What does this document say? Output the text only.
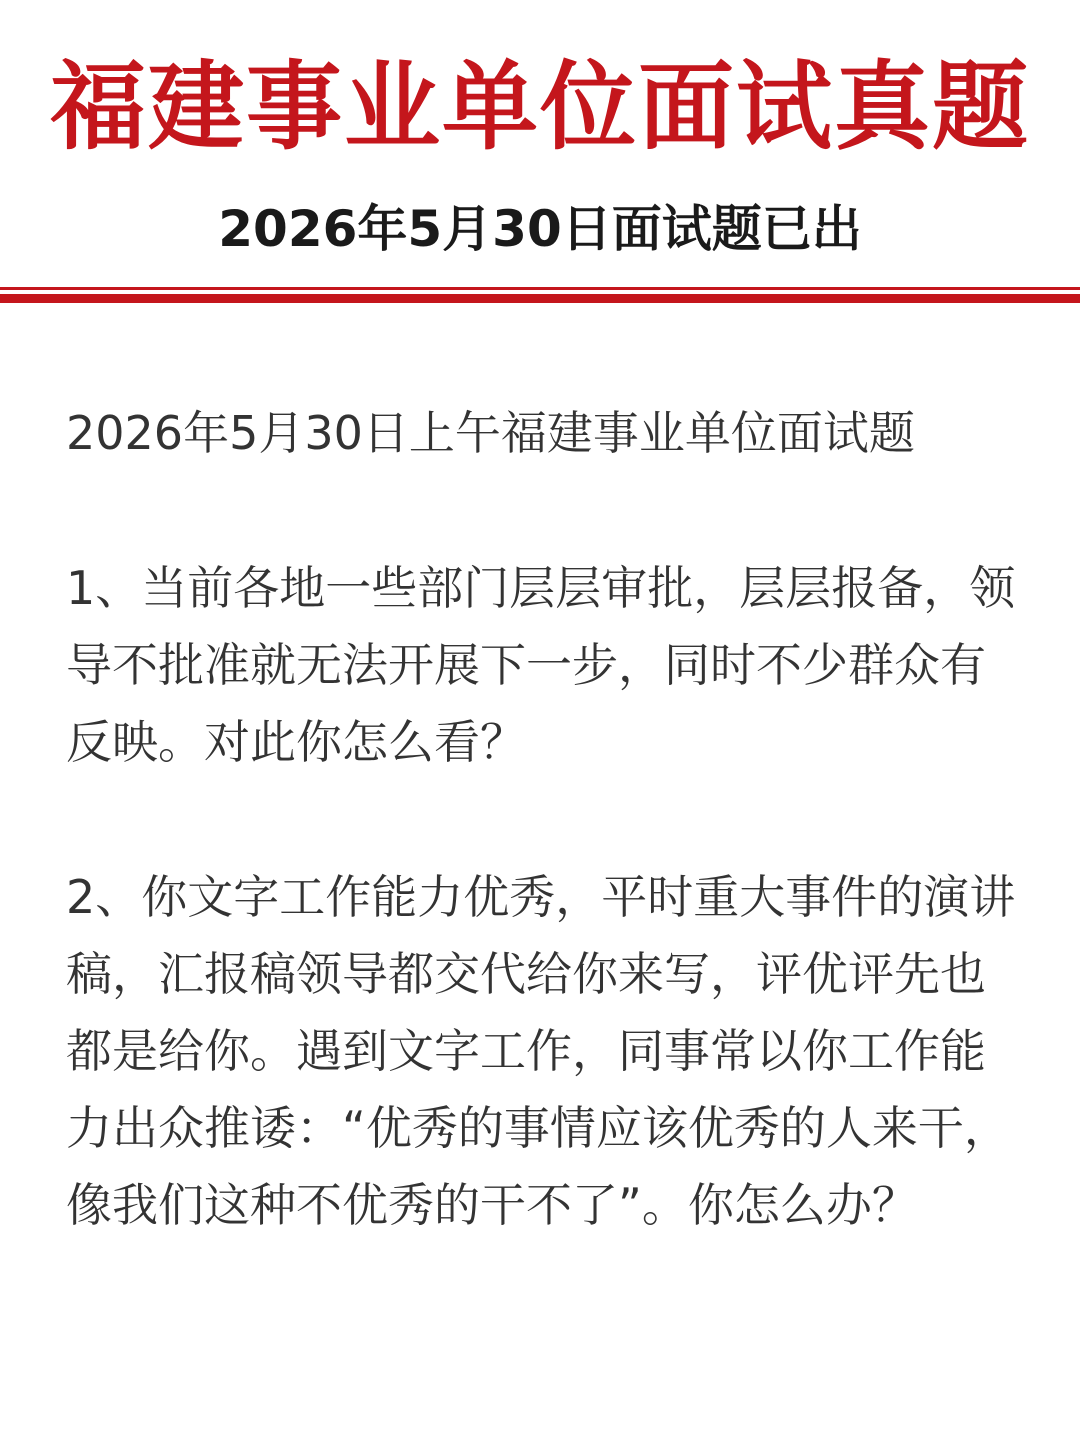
福建事业单位面试真题
2026年5月30日面试题已出

2026年5月30日上午福建事业单位面试题

1、当前各地一些部门层层审批，层层报备，领导不批准就无法开展下一步，同时不少群众有反映。对此你怎么看？

2、你文字工作能力优秀，平时重大事件的演讲稿，汇报稿领导都交代给你来写，评优评先也都是给你。遇到文字工作，同事常以你工作能力出众推诿：“优秀的事情应该优秀的人来干，像我们这种不优秀的干不了”。你怎么办？
